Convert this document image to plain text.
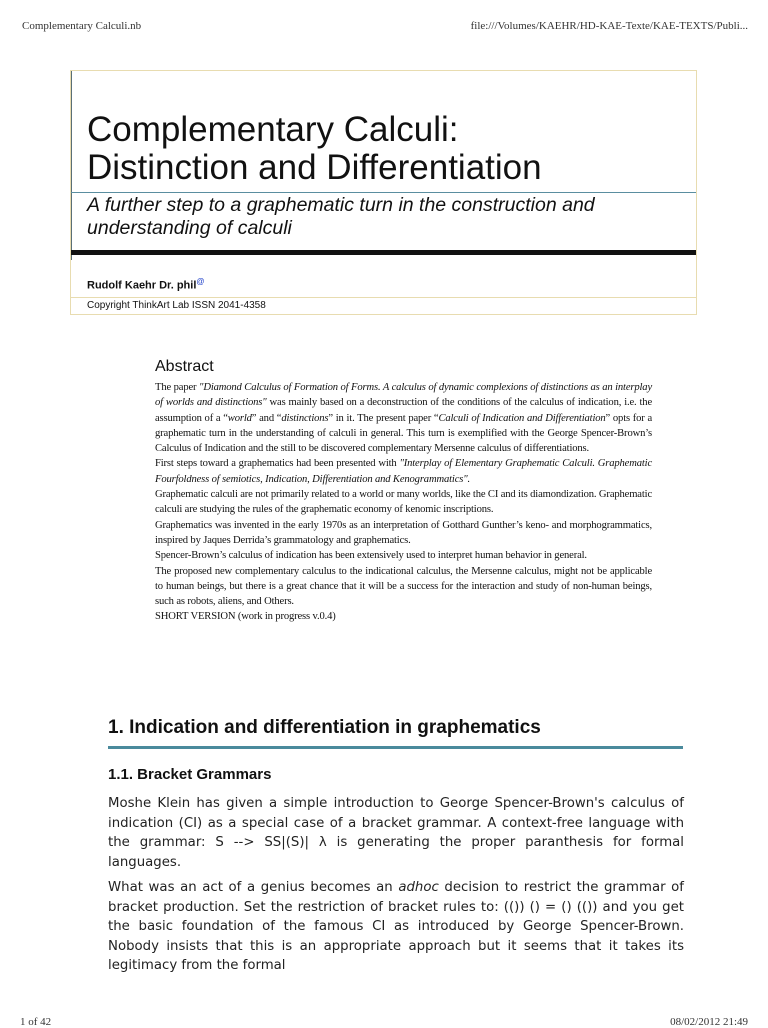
Complementary Calculi.nb	file:///Volumes/KAEHR/HD-KAE-Texte/KAE-TEXTS/Publi...
Complementary Calculi:
Distinction and Differentiation
A further step to a graphematic turn in the construction and understanding of calculi
Rudolf Kaehr Dr. phil@
Copyright ThinkArt Lab ISSN 2041-4358
Abstract

The paper "Diamond Calculus of Formation of Forms. A calculus of dynamic complexions of distinctions as an interplay of worlds and distinctions" was mainly based on a deconstruction of the conditions of the calculus of indication, i.e. the assumption of a “world” and “distinctions” in it. The present paper “Calculi of Indication and Differentiation” opts for a graphematic turn in the understanding of calculi in general. This turn is exemplified with the George Spencer-Brown’s Calculus of Indication and the still to be discovered complementary Mersenne calculus of differentiations.

First steps toward a graphematics had been presented with "Interplay of Elementary Graphematic Calculi. Graphematic Fourfoldness of semiotics, Indication, Differentiation and Kenogrammatics".

Graphematic calculi are not primarily related to a world or many worlds, like the CI and its diamondization. Graphematic calculi are studying the rules of the graphematic economy of kenomic inscriptions.

Graphematics was invented in the early 1970s as an interpretation of Gotthard Gunther’s keno- and morphogrammatics, inspired by Jaques Derrida’s grammatology and graphematics.

Spencer-Brown’s calculus of indication has been extensively used to interpret human behavior in general.

The proposed new complementary calculus to the indicational calculus, the Mersenne calculus, might not be applicable to human beings, but there is a great chance that it will be a success for the interaction and study of non-human beings, such as robots, aliens, and Others.

SHORT VERSION (work in progress v.0.4)

1. Indication and differentiation in graphematics
1.1. Bracket Grammars

Moshe Klein has given a simple introduction to George Spencer-Brown's calculus of indication (CI) as a special case of a bracket grammar. A context-free language with the grammar: S --> SS|(S)| λ is generating the proper paranthesis for formal languages.

What was an act of a genius becomes an adhoc decision to restrict the grammar of bracket production. Set the restriction of bracket rules to: (()) () = () (()) and you get the basic foundation of the famous CI as introduced by George Spencer-Brown. Nobody insists that this is an appropriate approach but it seems that it takes its legitimacy from the formal

1 of 42	08/02/2012 21:49
